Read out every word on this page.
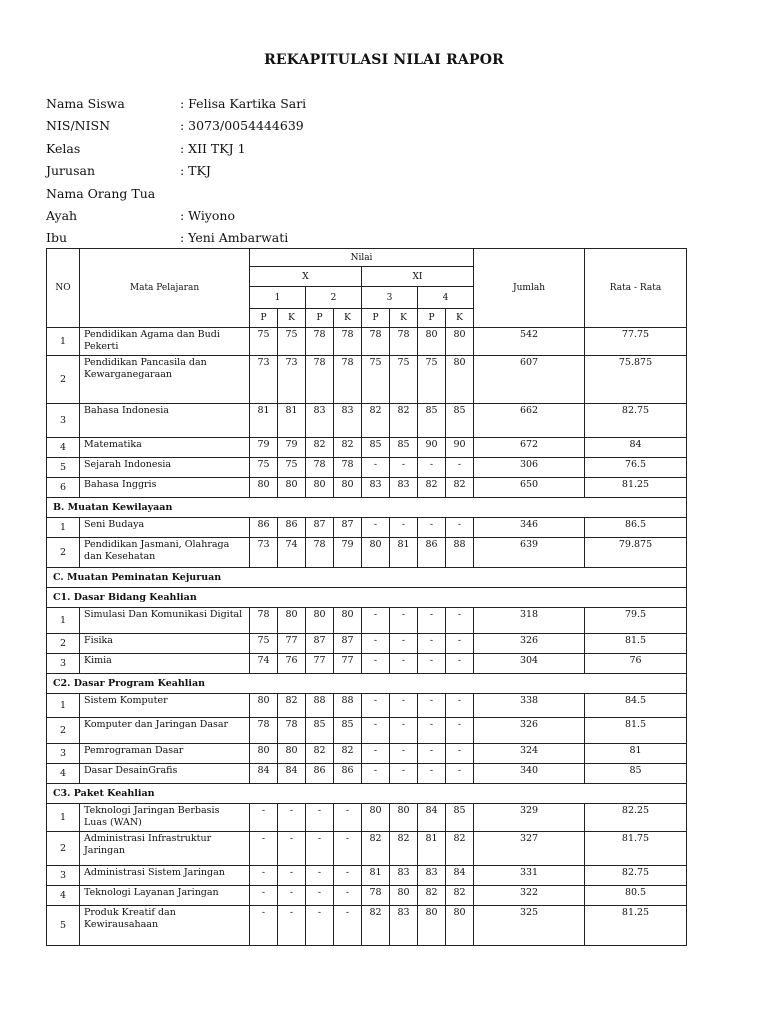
REKAPITULASI NILAI RAPOR
Nama Siswa	: Felisa Kartika Sari
NIS/NISN	: 3073/0054444639
Kelas	: XII TKJ 1
Jurusan	: TKJ
Nama Orang Tua
Ayah	: Wiyono
Ibu	: Yeni Ambarwati
NO	Mata Pelajaran	Nilai								Jumlah	Rata - Rata
		X				XI					
		1		2		3		4			
		P	K	P	K	P	K	P	K		
1	Pendidikan Agama dan Budi Pekerti	75	75	78	78	78	78	80	80	542	77.75
2	Pendidikan Pancasila dan Kewarganegaraan	73	73	78	78	75	75	75	80	607	75.875
3	Bahasa Indonesia	81	81	83	83	82	82	85	85	662	82.75
4	Matematika	79	79	82	82	85	85	90	90	672	84
5	Sejarah Indonesia	75	75	78	78	-	-	-	-	306	76.5
6	Bahasa Inggris	80	80	80	80	83	83	82	82	650	81.25
B. Muatan Kewilayaan											
1	Seni Budaya	86	86	87	87	-	-	-	-	346	86.5
2	Pendidikan Jasmani, Olahraga dan Kesehatan	73	74	78	79	80	81	86	88	639	79.875
C. Muatan Peminatan Kejuruan											
C1. Dasar Bidang Keahlian											
1	Simulasi Dan Komunikasi Digital	78	80	80	80	-	-	-	-	318	79.5
2	Fisika	75	77	87	87	-	-	-	-	326	81.5
3	Kimia	74	76	77	77	-	-	-	-	304	76
C2. Dasar Program Keahlian											
1	Sistem Komputer	80	82	88	88	-	-	-	-	338	84.5
2	Komputer dan Jaringan Dasar	78	78	85	85	-	-	-	-	326	81.5
3	Pemrograman Dasar	80	80	82	82	-	-	-	-	324	81
4	Dasar DesainGrafis	84	84	86	86	-	-	-	-	340	85
C3. Paket Keahlian											
1	Teknologi Jaringan Berbasis Luas (WAN)	-	-	-	-	80	80	84	85	329	82.25
2	Administrasi Infrastruktur Jaringan	-	-	-	-	82	82	81	82	327	81.75
3	Administrasi Sistem Jaringan	-	-	-	-	81	83	83	84	331	82.75
4	Teknologi Layanan Jaringan	-	-	-	-	78	80	82	82	322	80.5
5	Produk Kreatif dan Kewirausahaan	-	-	-	-	82	83	80	80	325	81.25
